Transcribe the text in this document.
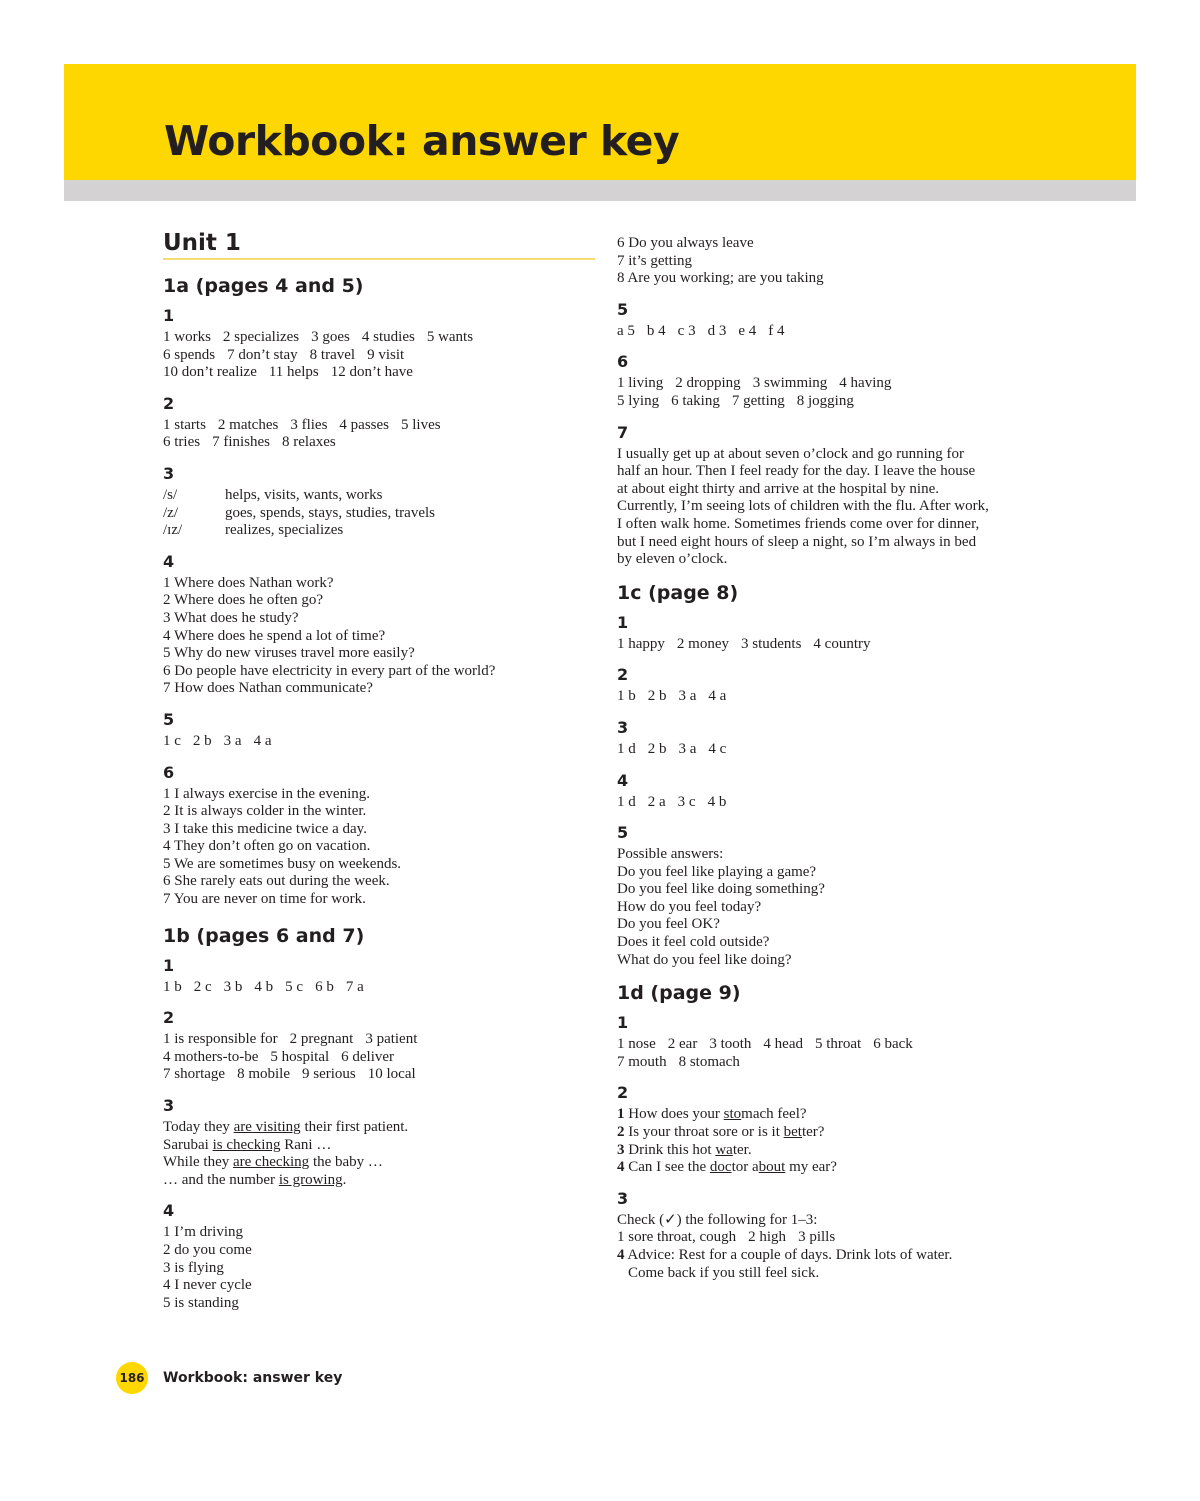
Workbook: answer key
Unit 1
1a (pages 4 and 5)
1
1 works 2 specializes 3 goes 4 studies 5 wants
6 spends 7 don’t stay 8 travel 9 visit
10 don’t realize 11 helps 12 don’t have
2
1 starts 2 matches 3 flies 4 passes 5 lives
6 tries 7 finishes 8 relaxes
3
/s/	helps, visits, wants, works
/z/	goes, spends, stays, studies, travels
/ɪz/	realizes, specializes
4
1 Where does Nathan work?
2 Where does he often go?
3 What does he study?
4 Where does he spend a lot of time?
5 Why do new viruses travel more easily?
6 Do people have electricity in every part of the world?
7 How does Nathan communicate?
5
1 c 2 b 3 a 4 a
6
1 I always exercise in the evening.
2 It is always colder in the winter.
3 I take this medicine twice a day.
4 They don’t often go on vacation.
5 We are sometimes busy on weekends.
6 She rarely eats out during the week.
7 You are never on time for work.
1b (pages 6 and 7)
1
1 b 2 c 3 b 4 b 5 c 6 b 7 a
2
1 is responsible for 2 pregnant 3 patient
4 mothers-to-be 5 hospital 6 deliver
7 shortage 8 mobile 9 serious 10 local
3
Today they are visiting their first patient.
Sarubai is checking Rani …
While they are checking the baby …
… and the number is growing.
4
1 I’m driving
2 do you come
3 is flying
4 I never cycle
5 is standing
6 Do you always leave
7 it’s getting
8 Are you working; are you taking
5
a 5 b 4 c 3 d 3 e 4 f 4
6
1 living 2 dropping 3 swimming 4 having
5 lying 6 taking 7 getting 8 jogging
7
I usually get up at about seven o’clock and go running for
half an hour. Then I feel ready for the day. I leave the house
at about eight thirty and arrive at the hospital by nine.
Currently, I’m seeing lots of children with the flu. After work,
I often walk home. Sometimes friends come over for dinner,
but I need eight hours of sleep a night, so I’m always in bed
by eleven o’clock.
1c (page 8)
1
1 happy 2 money 3 students 4 country
2
1 b 2 b 3 a 4 a
3
1 d 2 b 3 a 4 c
4
1 d 2 a 3 c 4 b
5
Possible answers:
Do you feel like playing a game?
Do you feel like doing something?
How do you feel today?
Do you feel OK?
Does it feel cold outside?
What do you feel like doing?
1d (page 9)
1
1 nose 2 ear 3 tooth 4 head 5 throat 6 back
7 mouth 8 stomach
2
1 How does your stomach feel?
2 Is your throat sore or is it better?
3 Drink this hot water.
4 Can I see the doctor about my ear?
3
Check (✓) the following for 1–3:
1 sore throat, cough 2 high 3 pills
4 Advice: Rest for a couple of days. Drink lots of water.
Come back if you still feel sick.
186 Workbook: answer key
